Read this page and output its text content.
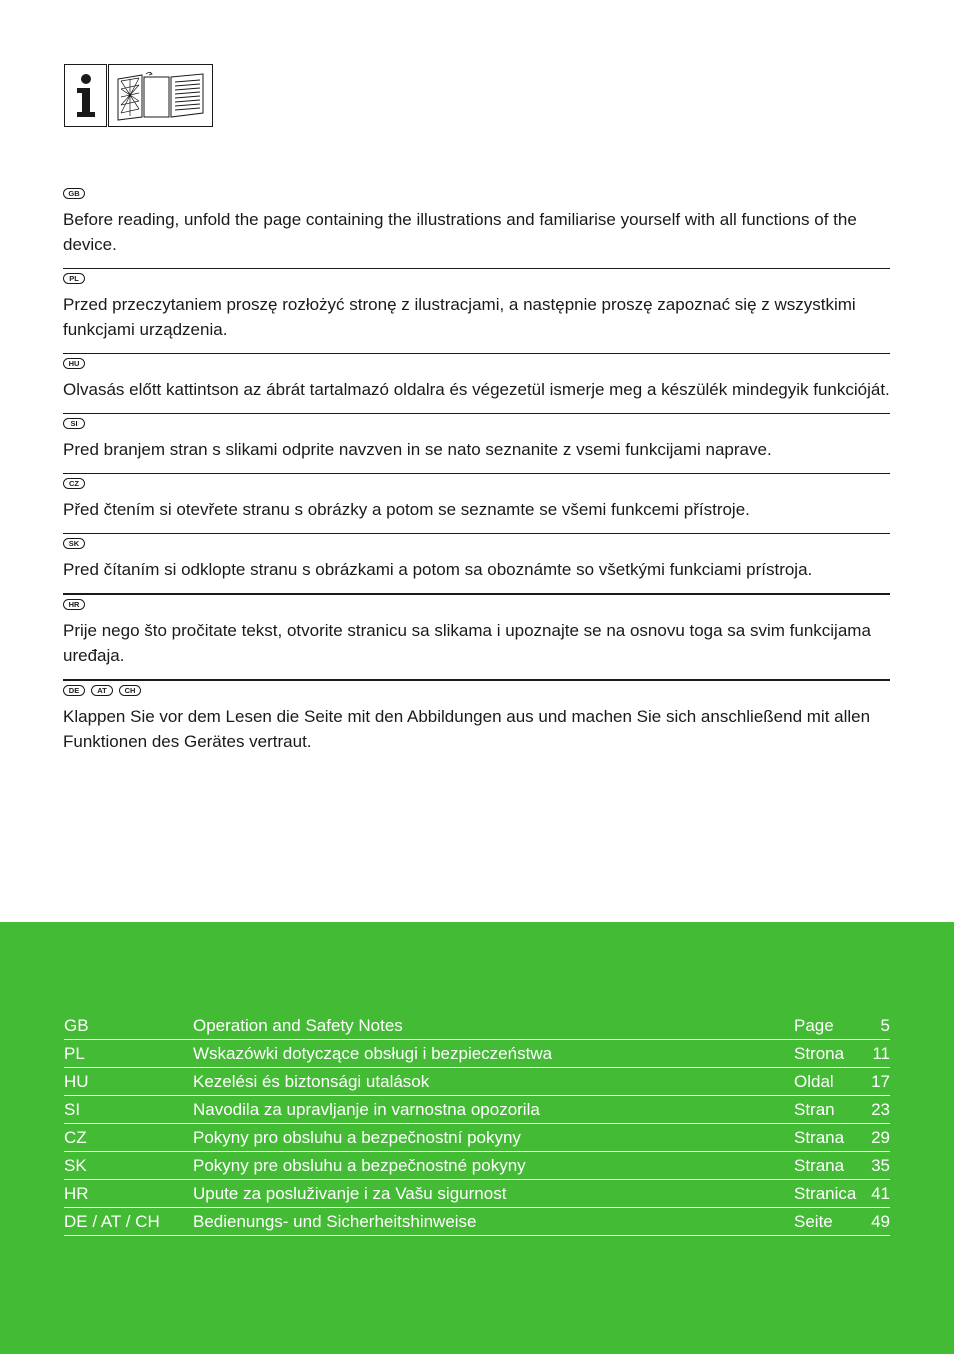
GB

Before reading, unfold the page containing the illustrations and familiarise yourself with all functions of the device.

PL

Przed przeczytaniem proszę rozłożyć stronę z ilustracjami, a następnie proszę zapoznać się z wszystkimi funkcjami urządzenia.

HU

Olvasás előtt kattintson az ábrát tartalmazó oldalra és végezetül ismerje meg a készülék mindegyik funkcióját.

SI

Pred branjem stran s slikami odprite navzven in se nato seznanite z vsemi funkcijami naprave.

CZ

Před čtením si otevřete stranu s obrázky a potom se seznamte se všemi funkcemi přístroje.

SK

Pred čítaním si odklopte stranu s obrázkami a potom sa oboznámte so všetkými funkciami prístroja.

HR

Prije nego što pročitate tekst, otvorite stranicu sa slikama i upoznajte se na osnovu toga sa svim funkcijama uređaja.

DE	AT	CH

Klappen Sie vor dem Lesen die Seite mit den Abbildungen aus und machen Sie sich anschließend mit allen Funktionen des Gerätes vertraut.

GB	Operation and Safety Notes	Page	5
PL	Wskazówki dotyczące obsługi i bezpieczeństwa	Strona	11
HU	Kezelési és biztonsági utalások	Oldal	17
SI	Navodila za upravljanje in varnostna opozorila	Stran	23
CZ	Pokyny pro obsluhu a bezpečnostní pokyny	Strana	29
SK	Pokyny pre obsluhu a bezpečnostné pokyny	Strana	35
HR	Upute za posluživanje i za Vašu sigurnost	Stranica 41
DE / AT / CH	Bedienungs- und Sicherheitshinweise	Seite	49
